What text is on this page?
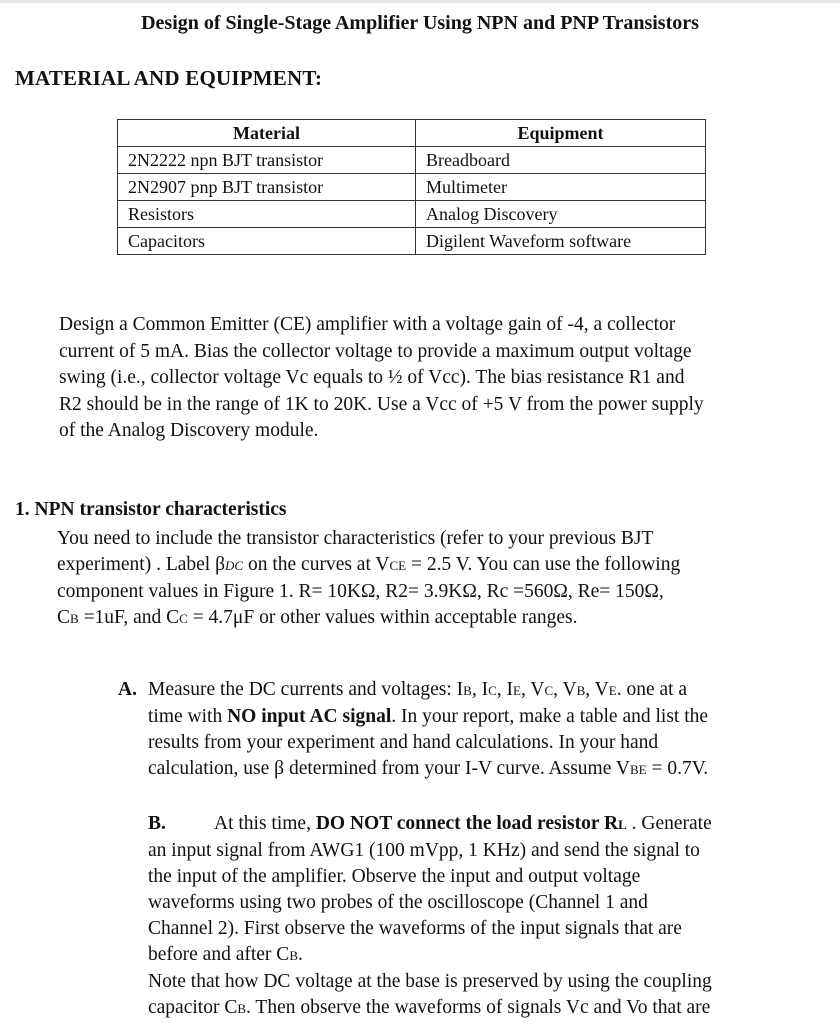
Design of Single-Stage Amplifier Using NPN and PNP Transistors
MATERIAL AND EQUIPMENT:
Material	Equipment
2N2222 npn BJT transistor	Breadboard
2N2907 pnp BJT transistor	Multimeter
Resistors	Analog Discovery
Capacitors	Digilent Waveform software
Design a Common Emitter (CE) amplifier with a voltage gain of -4, a collector
current of 5 mA. Bias the collector voltage to provide a maximum output voltage
swing (i.e., collector voltage Vc equals to ½ of Vcc). The bias resistance R1 and
R2 should be in the range of 1K to 20K. Use a Vcc of +5 V from the power supply
of the Analog Discovery module.
1. NPN transistor characteristics
You need to include the transistor characteristics (refer to your previous BJT
experiment) . Label βDC on the curves at VCE = 2.5 V. You can use the following
component values in Figure 1. R= 10KΩ, R2= 3.9KΩ, Rc =560Ω, Re= 150Ω,
CB =1uF, and CC = 4.7μF or other values within acceptable ranges.
A. Measure the DC currents and voltages: IB, IC, IE, VC, VB, VE. one at a
time with NO input AC signal. In your report, make a table and list the
results from your experiment and hand calculations. In your hand
calculation, use β determined from your I-V curve. Assume VBE = 0.7V.
B. At this time, DO NOT connect the load resistor RL . Generate
an input signal from AWG1 (100 mVpp, 1 KHz) and send the signal to
the input of the amplifier. Observe the input and output voltage
waveforms using two probes of the oscilloscope (Channel 1 and
Channel 2). First observe the waveforms of the input signals that are
before and after CB.
Note that how DC voltage at the base is preserved by using the coupling
capacitor CB. Then observe the waveforms of signals Vc and Vo that are
